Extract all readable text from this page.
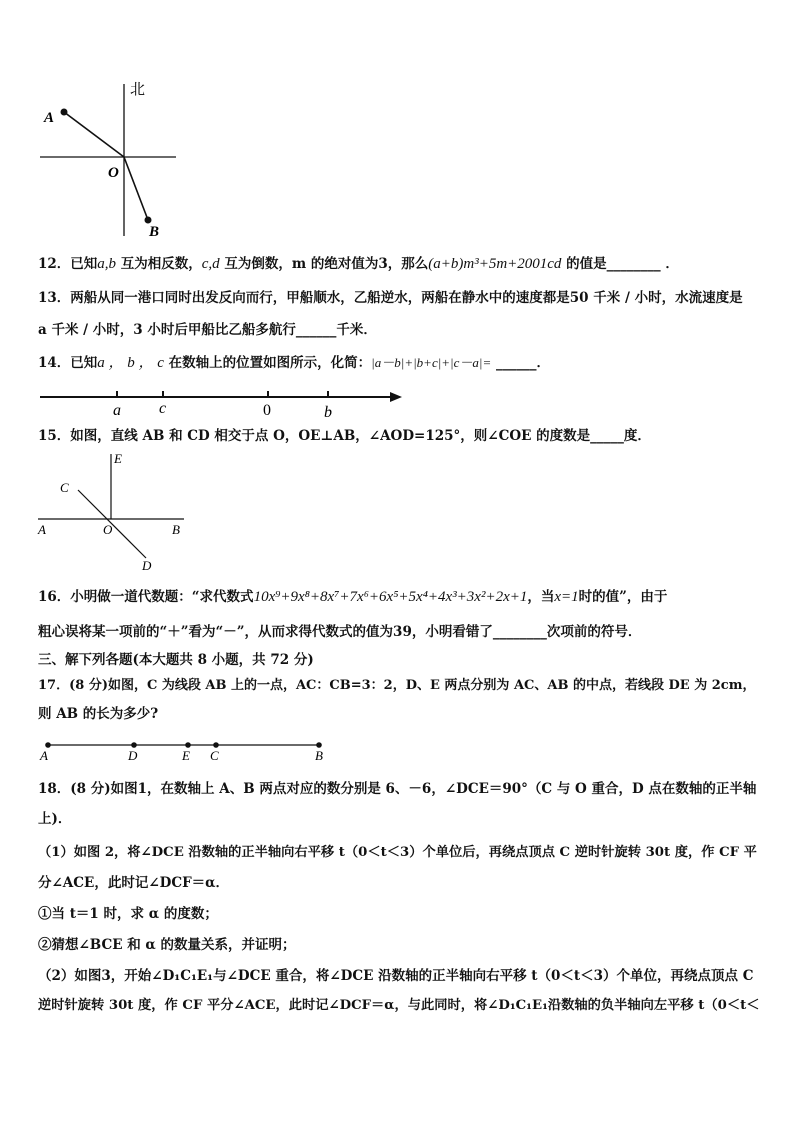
北
A
O
B
12．已知a,b 互为相反数，c,d 互为倒数，m 的绝对值为3，那么(a+b)m³+5m+2001cd 的值是________ ．
13．两船从同一港口同时出发反向而行，甲船顺水，乙船逆水，两船在静水中的速度都是50 千米 / 小时，水流速度是
a 千米 / 小时，3 小时后甲船比乙船多航行______千米．
14．已知a ， b ， c 在数轴上的位置如图所示，化简：|a－b|+|b+c|+|c－a|= ______．
a c	0	b
15．如图，直线 AB 和 CD 相交于点 O，OE⊥AB，∠AOD=125°，则∠COE 的度数是_____度．
E
C
A	O	B
D
16．小明做一道代数题：“求代数式10x⁹+9x⁸+8x⁷+7x⁶+6x⁵+5x⁴+4x³+3x²+2x+1，当x=1时的值”，由于
粗心误将某一项前的“＋”看为“－”，从而求得代数式的值为39，小明看错了________次项前的符号．
三、解下列各题(本大题共 8 小题，共 72 分)
17．(8 分)如图，C 为线段 AB 上的一点，AC：CB=3：2，D、E 两点分别为 AC、AB 的中点，若线段 DE 为 2cm，
则 AB 的长为多少?
A	D	E C	B
18．(8 分)如图1，在数轴上 A、B 两点对应的数分别是 6、－6，∠DCE＝90°（C 与 O 重合，D 点在数轴的正半轴
上)．
（1）如图 2，将∠DCE 沿数轴的正半轴向右平移 t（0＜t＜3）个单位后，再绕点顶点 C 逆时针旋转 30t 度，作 CF 平
分∠ACE，此时记∠DCF＝α．
①当 t＝1 时，求 α 的度数；
②猜想∠BCE 和 α 的数量关系，并证明；
（2）如图3，开始∠D₁C₁E₁与∠DCE 重合，将∠DCE 沿数轴的正半轴向右平移 t（0＜t＜3）个单位，再绕点顶点 C
逆时针旋转 30t 度，作 CF 平分∠ACE，此时记∠DCF＝α，与此同时，将∠D₁C₁E₁沿数轴的负半轴向左平移 t（0＜t＜
